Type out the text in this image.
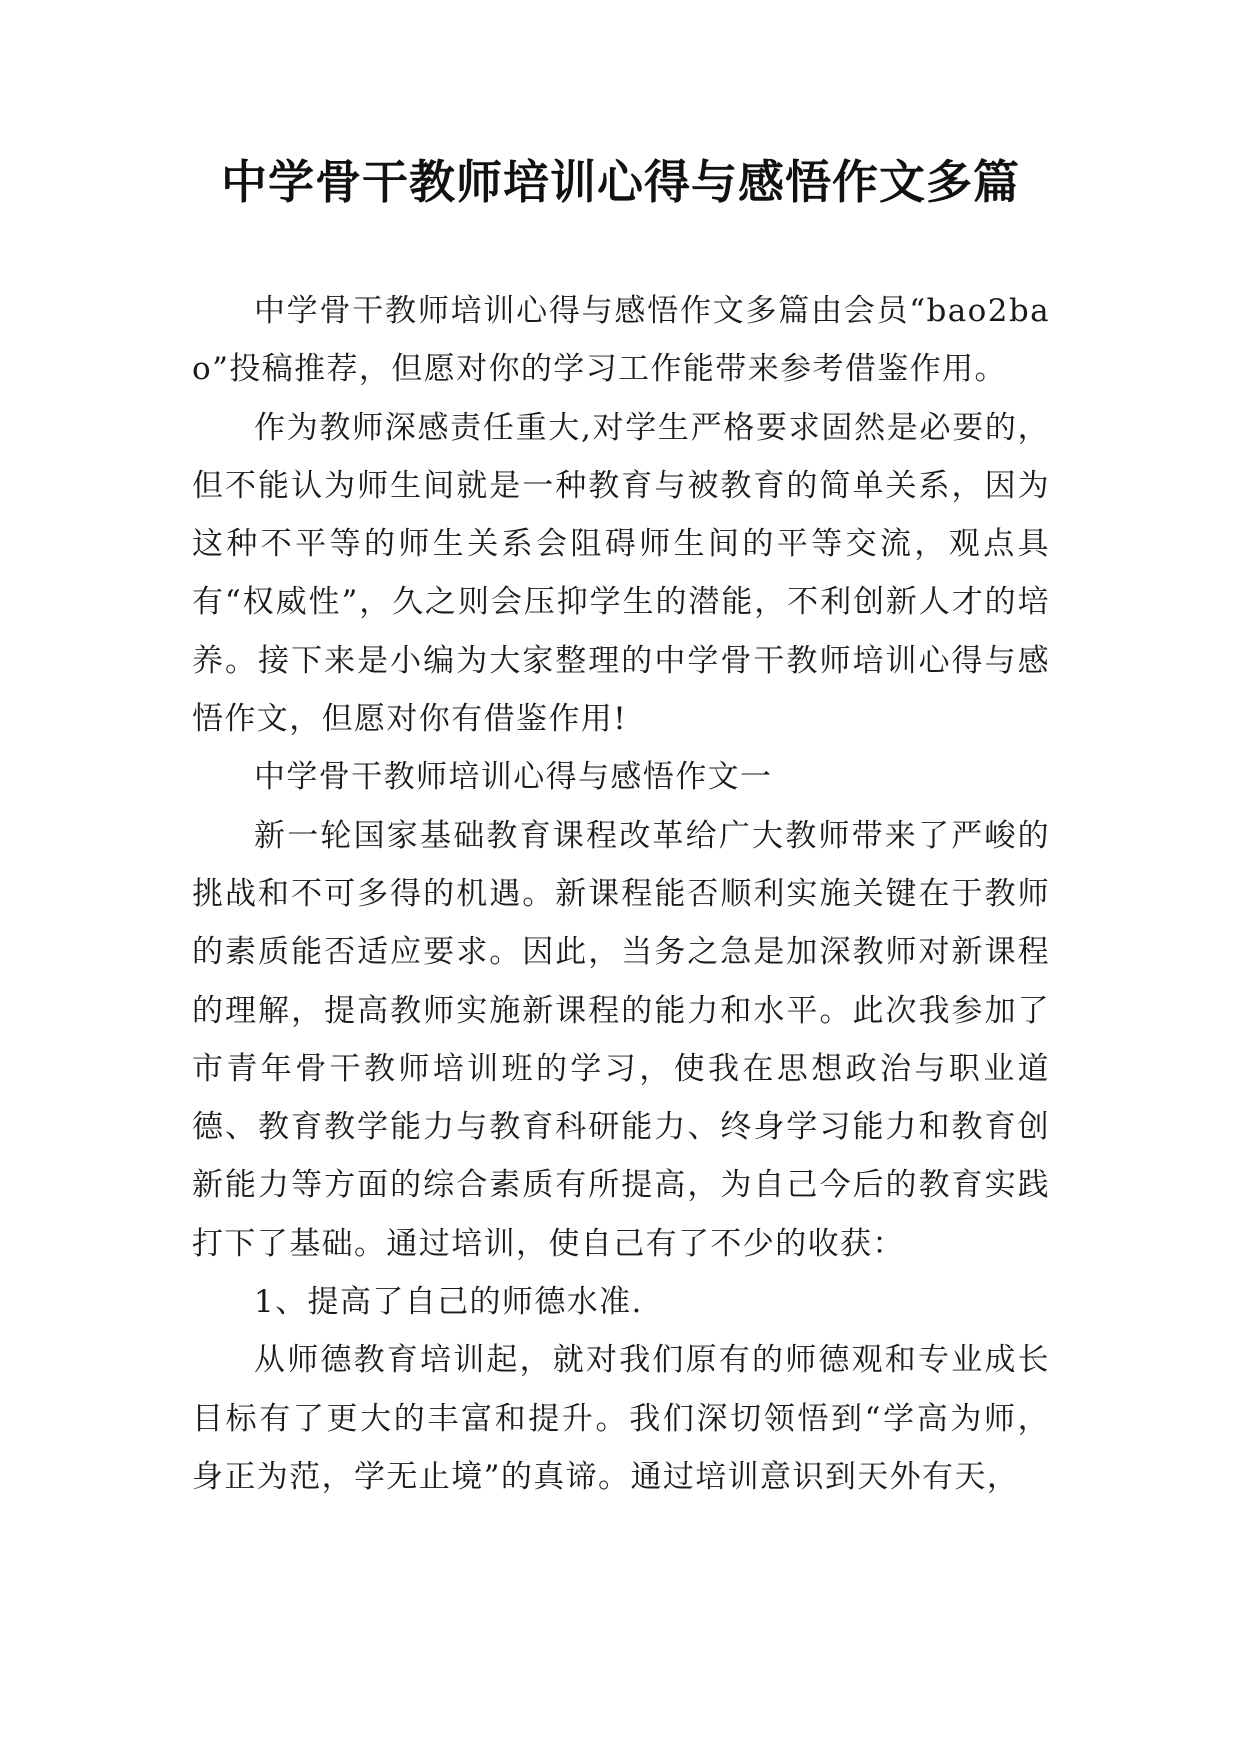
中学骨干教师培训心得与感悟作文多篇

中学骨干教师培训心得与感悟作文多篇由会员“bao2bao”投稿推荐，但愿对你的学习工作能带来参考借鉴作用。

作为教师深感责任重大,对学生严格要求固然是必要的，但不能认为师生间就是一种教育与被教育的简单关系，因为这种不平等的师生关系会阻碍师生间的平等交流，观点具有“权威性”，久之则会压抑学生的潜能，不利创新人才的培养。接下来是小编为大家整理的中学骨干教师培训心得与感悟作文，但愿对你有借鉴作用!

中学骨干教师培训心得与感悟作文一

新一轮国家基础教育课程改革给广大教师带来了严峻的挑战和不可多得的机遇。新课程能否顺利实施关键在于教师的素质能否适应要求。因此，当务之急是加深教师对新课程的理解，提高教师实施新课程的能力和水平。此次我参加了市青年骨干教师培训班的学习，使我在思想政治与职业道德、教育教学能力与教育科研能力、终身学习能力和教育创新能力等方面的综合素质有所提高，为自己今后的教育实践打下了基础。通过培训，使自己有了不少的收获：

1、提高了自己的师德水准.

从师德教育培训起，就对我们原有的师德观和专业成长目标有了更大的丰富和提升。我们深切领悟到“学高为师，身正为范，学无止境”的真谛。通过培训意识到天外有天，
